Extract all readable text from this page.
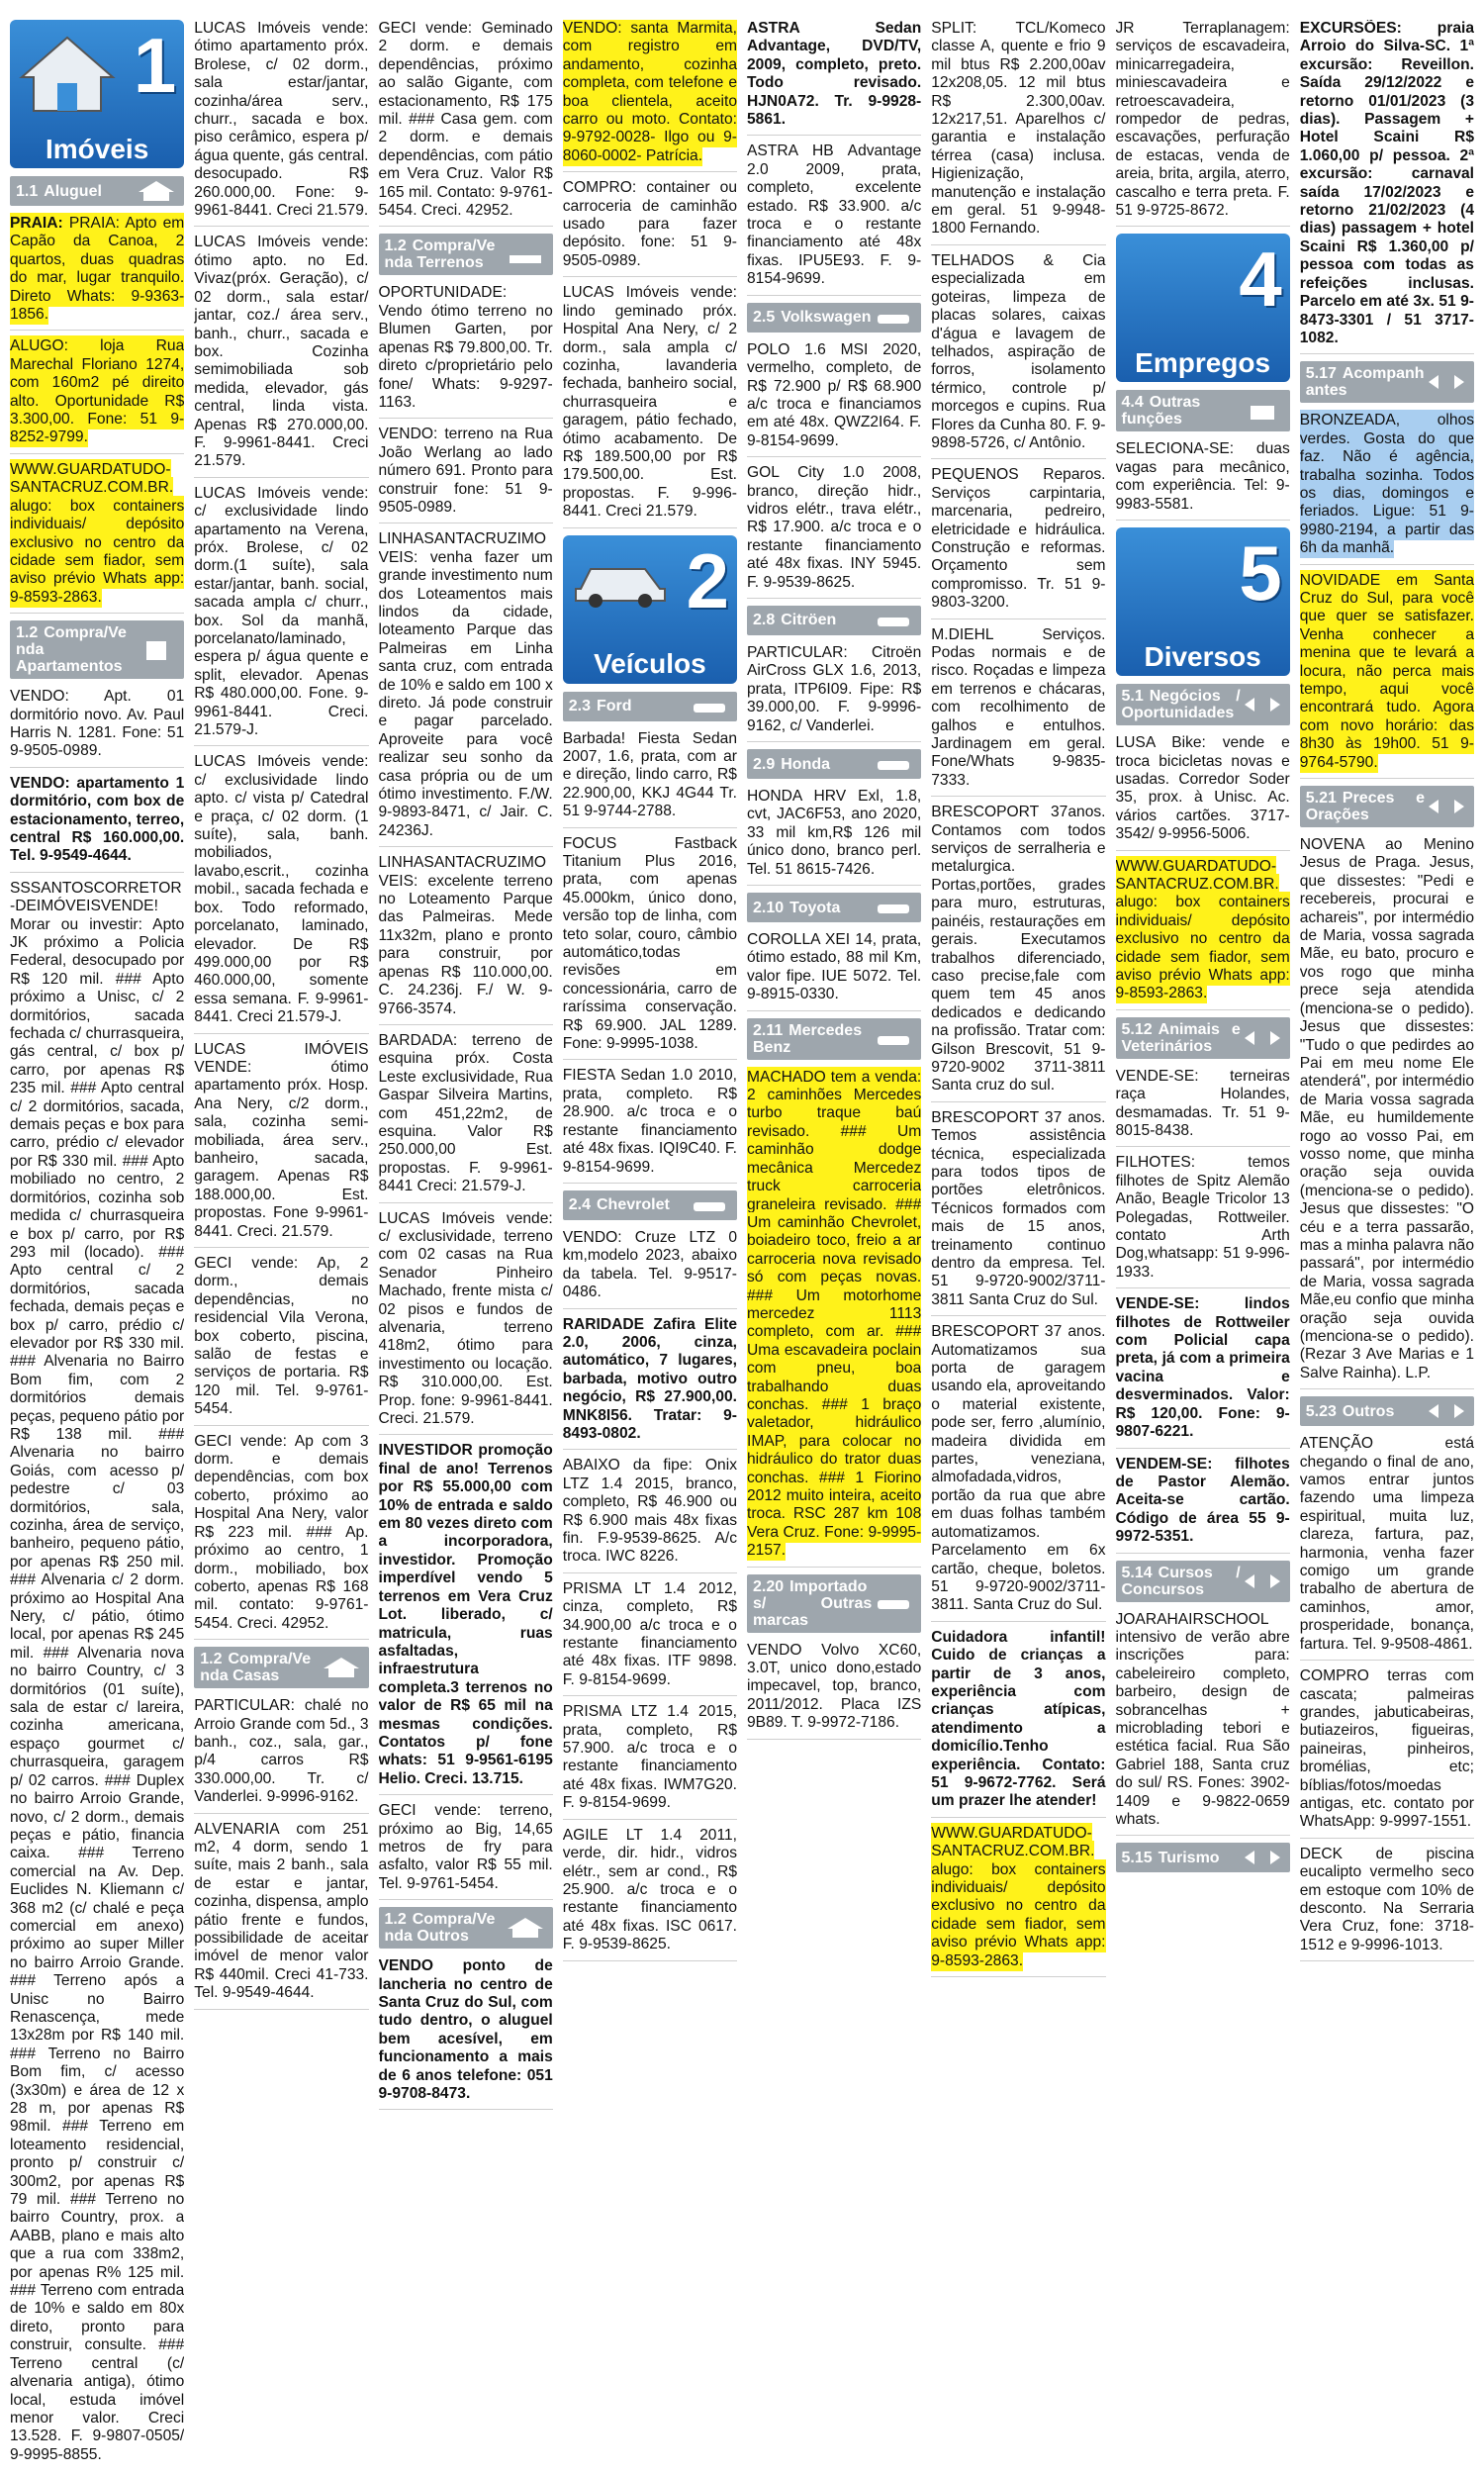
1
Imóveis
1.1 Aluguel

PRAIA: PRAIA: Apto em Capão da Canoa, 2 quartos, duas quadras do mar, lugar tranquilo. Direto Whats: 9-9363-1856.

ALUGO: loja Rua Marechal Floriano 1274, com 160m2 pé direito alto. Oportunidade R$ 3.300,00. Fone: 51 9-8252-9799.

WWW.GUARDATUDO-SANTACRUZ.COM.BR. alugo: box containers individuais/ depósito exclusivo no centro da cidade sem fiador, sem aviso prévio Whats app: 9-8593-2863.

1.2 Compra/Venda Apartamentos

VENDO: Apt. 01 dormitório novo. Av. Paul Harris N. 1281. Fone: 51 9-9505-0989.

VENDO: apartamento 1 dormitório, com box de estacionamento, terreo, central R$ 160.000,00. Tel. 9-9549-4644.

SSSANTOSCORRETOR-DEIMÓVEISVENDE! Morar ou investir: Apto JK próximo a Policia Federal, desocupado por R$ 120 mil. ### Apto próximo a Unisc, c/ 2 dormitórios, sacada fechada c/ churrasqueira, gás central, c/ box p/ carro, por apenas R$ 235 mil. ### Apto central c/ 2 dormitórios, sacada, demais peças e box para carro, prédio c/ elevador por R$ 330 mil. ### Apto mobiliado no centro, 2 dormitórios, cozinha sob medida c/ churrasqueira e box p/ carro, por R$ 293 mil (locado). ### Apto central c/ 2 dormitórios, sacada fechada, demais peças e box p/ carro, prédio c/ elevador por R$ 330 mil. ### Alvenaria no Bairro Bom fim, com 2 dormitórios demais peças, pequeno pátio por R$ 138 mil. ### Alvenaria no bairro Goiás, com acesso p/ pedestre c/ 03 dormitórios, sala, cozinha, área de serviço, banheiro, pequeno pátio, por apenas R$ 250 mil. ### Alvenaria c/ 2 dorm. próximo ao Hospital Ana Nery, c/ pátio, ótimo local, por apenas R$ 245 mil. ### Alvenaria nova no bairro Country, c/ 3 dormitórios (01 suíte), sala de estar c/ lareira, cozinha americana, espaço gourmet c/ churrasqueira, garagem p/ 02 carros. ### Duplex no bairro Arroio Grande, novo, c/ 2 dorm., demais peças e pátio, financia caixa. ### Terreno comercial na Av. Dep. Euclides N. Kliemann c/ 368 m2 (c/ chalé e peça comercial em anexo) próximo ao super Miller no bairro Arroio Grande. ### Terreno após a Unisc no Bairro Renascença, mede 13x28m por R$ 140 mil. ### Terreno no Bairro Bom fim, c/ acesso (3x30m) e área de 12 x 28 m, por apenas R$ 98mil. ### Terreno em loteamento residencial, pronto p/ construir c/ 300m2, por apenas R$ 79 mil. ### Terreno no bairro Country, prox. a AABB, plano e mais alto que a rua com 338m2, por apenas R% 125 mil. ### Terreno com entrada de 10% e saldo em 80x direto, pronto para construir, consulte. ### Terreno central (c/ alvenaria antiga), ótimo local, estuda imóvel menor valor. Creci 13.528. F. 9-9807-0505/ 9-9995-8855.

LUCAS Imóveis vende: ótimo apartamento próx. Brolese, c/ 02 dorm., sala estar/jantar, cozinha/área serv., churr., sacada e box. piso cerâmico, espera p/ água quente, gás central. desocupado. R$ 260.000,00. Fone: 9-9961-8441. Creci 21.579.

LUCAS Imóveis vende: ótimo apto. no Ed. Vivaz(próx. Geração), c/ 02 dorm., sala estar/ jantar, coz./ área serv., banh., churr., sacada e box. Cozinha semimobiliada sob medida, elevador, gás central, linda vista. Apenas R$ 270.000,00. F. 9-9961-8441. Creci 21.579.

LUCAS Imóveis vende: c/ exclusividade lindo apartamento na Verena, próx. Brolese, c/ 02 dorm.(1 suíte), sala estar/jantar, banh. social, sacada ampla c/ churr., box. Sol da manhã, porcelanato/laminado, espera p/ água quente e split, elevador. Apenas R$ 480.000,00. Fone. 9-9961-8441. Creci. 21.579-J.

LUCAS Imóveis vende: c/ exclusividade lindo apto. c/ vista p/ Catedral e praça, c/ 02 dorm. (1 suíte), sala, banh. mobiliados, lavabo,escrit., cozinha mobil., sacada fechada e box. Todo reformado, porcelanato, laminado, elevador. De R$ 499.000,00 por R$ 460.000,00, somente essa semana. F. 9-9961-8441. Creci 21.579-J.

LUCAS IMÓVEIS VENDE: ótimo apartamento próx. Hosp. Ana Nery, c/2 dorm., sala, cozinha semi-mobiliada, área serv., banheiro, sacada, garagem. Apenas R$ 188.000,00. Est. propostas. Fone 9-9961-8441. Creci. 21.579.

GECI vende: Ap, 2 dorm., demais dependências, no residencial Vila Verona, box coberto, piscina, salão de festas e serviços de portaria. R$ 120 mil. Tel. 9-9761-5454.

GECI vende: Ap com 3 dorm. e demais dependências, com box coberto, próximo ao Hospital Ana Nery, valor R$ 223 mil. ### Ap. próximo ao centro, 1 dorm., mobiliado, box coberto, apenas R$ 168 mil. contato: 9-9761-5454. Creci. 42952.

1.2 Compra/Venda Casas

PARTICULAR: chalé no Arroio Grande com 5d., 3 banh., coz., sala, gar., p/4 carros R$ 330.000,00. Tr. c/ Vanderlei. 9-9996-9162.

ALVENARIA com 251 m2, 4 dorm, sendo 1 suíte, mais 2 banh., sala de estar e jantar, cozinha, dispensa, amplo pátio frente e fundos, possibilidade de aceitar imóvel de menor valor R$ 440mil. Creci 41-733. Tel. 9-9549-4644.

GECI vende: Geminado 2 dorm. e demais dependências, próximo ao salão Gigante, com estacionamento, R$ 175 mil. ### Casa gem. com 2 dorm. e demais dependências, com pátio em Vera Cruz. Valor R$ 165 mil. Contato: 9-9761-5454. Creci. 42952.

1.2 Compra/Venda Terrenos

OPORTUNIDADE: Vendo ótimo terreno no Blumen Garten, por apenas R$ 79.800,00. Tr. direto c/proprietário pelo fone/ Whats: 9-9297-1163.

VENDO: terreno na Rua João Werlang ao lado número 691. Pronto para construir fone: 51 9-9505-0989.

LINHASANTACRUZIMOVEIS: venha fazer um grande investimento num dos Loteamentos mais lindos da cidade, loteamento Parque das Palmeiras em Linha santa cruz, com entrada de 10% e saldo em 100 x direto. Já pode construir e pagar parcelado. Aproveite para você realizar seu sonho da casa própria ou de um ótimo investimento. F./W. 9-9893-8471, c/ Jair. C. 24236J.

LINHASANTACRUZIMOVEIS: excelente terreno no Loteamento Parque das Palmeiras. Mede 11x32m, plano e pronto para construir, por apenas R$ 110.000,00. C. 24.236j. F./ W. 9-9766-3574.

BARDADA: terreno de esquina próx. Costa Leste exclusividade, Rua Gaspar Silveira Martins, com 451,22m2, de esquina. Valor R$ 250.000,00 Est. propostas. F. 9-9961-8441 Creci: 21.579-J.

LUCAS Imóveis vende: c/ exclusividade, terreno com 02 casas na Rua Senador Pinheiro Machado, frente mista c/ 02 pisos e fundos de alvenaria, terreno 418m2, ótimo para investimento ou locação. R$ 310.000,00. Est. Prop. fone: 9-9961-8441. Creci. 21.579.

INVESTIDOR promoção final de ano! Terrenos por R$ 55.000,00 com 10% de entrada e saldo em 80 vezes direto com a incorporadora, investidor. Promoção imperdível vendo 5 terrenos em Vera Cruz Lot. liberado, c/ matricula, ruas asfaltadas, infraestrutura completa.3 terrenos no valor de R$ 65 mil na mesmas condições. Contatos p/ fone whats: 51 9-9561-6195 Helio. Creci. 13.715.

GECI vende: terreno, próximo ao Big, 14,65 metros de fry para asfalto, valor R$ 55 mil. Tel. 9-9761-5454.

1.2 Compra/Venda Outros

VENDO ponto de lancheria no centro de Santa Cruz do Sul, com tudo dentro, o aluguel bem acesível, em funcionamento a mais de 6 anos telefone: 051 9-9708-8473.

VENDO: santa Marmita, com registro em andamento, cozinha completa, com telefone e boa clientela, aceito carro ou moto. Contato: 9-9792-0028- Ilgo ou 9-8060-0002- Patrícia.

COMPRO: container ou carroceria de caminhão usado para fazer depósito. fone: 51 9-9505-0989.

LUCAS Imóveis vende: lindo geminado próx. Hospital Ana Nery, c/ 2 dorm., sala ampla c/ cozinha, lavanderia fechada, banheiro social, churrasqueira e garagem, pátio fechado, ótimo acabamento. De R$ 189.500,00 por R$ 179.500,00. Est. propostas. F. 9-996-8441. Creci 21.579.

2
Veículos
2.3 Ford

Barbada! Fiesta Sedan 2007, 1.6, prata, com ar e direção, lindo carro, R$ 22.900,00, KKJ 4G44 Tr. 51 9-9744-2788.

FOCUS Fastback Titanium Plus 2016, prata, com apenas 45.000km, único dono, versão top de linha, com teto solar, couro, câmbio automático,todas revisões em concessionária, carro de raríssima conservação. R$ 69.900. JAL 1289. Fone: 9-9995-1038.

FIESTA Sedan 1.0 2010, prata, completo. R$ 28.900. a/c troca e o restante financiamento até 48x fixas. IQI9C40. F. 9-8154-9699.

2.4 Chevrolet

VENDO: Cruze LTZ 0 km,modelo 2023, abaixo da tabela. Tel. 9-9517-0486.

RARIDADE Zafira Elite 2.0, 2006, cinza, automático, 7 lugares, barbada, motivo outro negócio, R$ 27.900,00. MNK8I56. Tratar: 9-8493-0802.

ABAIXO da fipe: Onix LTZ 1.4 2015, branco, completo, R$ 46.900 ou R$ 6.900 mais 48x fixas fin. F.9-9539-8625. A/c troca. IWC 8226.

PRISMA LT 1.4 2012, cinza, completo, R$ 34.900,00 a/c troca e o restante financiamento até 48x fixas. ITF 9898. F. 9-8154-9699.

PRISMA LTZ 1.4 2015, prata, completo, R$ 57.900. a/c troca e o restante financiamento até 48x fixas. IWM7G20. F. 9-8154-9699.

AGILE LT 1.4 2011, verde, dir. hidr., vidros elétr., sem ar cond., R$ 25.900. a/c troca e o restante financiamento até 48x fixas. ISC 0617. F. 9-9539-8625.

ASTRA Sedan Advantage, DVD/TV, 2009, completo, preto. Todo revisado. HJN0A72. Tr. 9-9928-5861.

ASTRA HB Advantage 2.0 2009, prata, completo, excelente estado. R$ 33.900. a/c troca e o restante financiamento até 48x fixas. IPU5E93. F. 9-8154-9699.

2.5 Volkswagen

POLO 1.6 MSI 2020, vermelho, completo, de R$ 72.900 p/ R$ 68.900 a/c troca e financiamos em até 48x. QWZ2I64. F. 9-8154-9699.

GOL City 1.0 2008, branco, direção hidr., vidros elétr., trava elétr., R$ 17.900. a/c troca e o restante financiamento até 48x fixas. INY 5945. F. 9-9539-8625.

2.8 Citröen

PARTICULAR: Citroën AirCross GLX 1.6, 2013, prata, ITP6I09. Fipe: R$ 39.000,00. F. 9-9996-9162, c/ Vanderlei.

2.9 Honda

HONDA HRV Exl, 1.8, cvt, JAC6F53, ano 2020, 33 mil km,R$ 126 mil único dono, branco perl. Tel. 51 8615-7426.

2.10 Toyota

COROLLA XEI 14, prata, ótimo estado, 88 mil Km, valor fipe. IUE 5072. Tel. 9-8915-0330.

2.11 Mercedes Benz

MACHADO tem a venda: 2 caminhões Mercedes turbo traque baú revisado. ### Um caminhão dodge mecânica Mercedez truck carroceria graneleira revisado. ### Um caminhão Chevrolet, boiadeiro toco, freio a ar carroceria nova revisado só com peças novas. ### Um motorhome mercedez 1113 completo, com ar. ### Uma escavadeira poclain com pneu, boa trabalhando duas conchas. ### 1 braço valetador, hidráulico IMAP, para colocar no hidráulico do trator duas conchas. ### 1 Fiorino 2012 muito inteira, aceito troca. RSC 287 km 108 Vera Cruz. Fone: 9-9995-2157.

2.20 Importados/ Outras marcas

VENDO Volvo XC60, 3.0T, unico dono,estado impecavel, top, branco, 2011/2012. Placa IZS 9B89. T. 9-9972-7186.

SPLIT: TCL/Komeco classe A, quente e frio 9 mil btus R$ 2.200,00av 12x208,05. 12 mil btus R$ 2.300,00av. 12x217,51. Aparelhos c/ garantia e instalação térrea (casa) inclusa. Higienização, manutenção e instalação em geral. 51 9-9948-1800 Fernando.

TELHADOS & Cia especializada em goteiras, limpeza de placas solares, caixas d'água e lavagem de telhados, aspiração de forros, isolamento térmico, controle p/ morcegos e cupins. Rua Flores da Cunha 80. F. 9-9898-5726, c/ Antônio.

PEQUENOS Reparos. Serviços carpintaria, marcenaria, pedreiro, eletricidade e hidráulica. Construção e reformas. Orçamento sem compromisso. Tr. 51 9-9803-3200.

M.DIEHL Serviços. Podas normais e de risco. Roçadas e limpeza em terrenos e chácaras, com recolhimento de galhos e entulhos. Jardinagem em geral. Fone/Whats 9-9835-7333.

BRESCOPORT 37anos. Contamos com todos serviços de serralheria e metalurgica. Portas,portões, grades para muro, estruturas, painéis, restaurações em gerais. Executamos trabalhos diferenciado, caso precise,fale com quem tem 45 anos dedicados e dedicando na profissão. Tratar com: Gilson Brescovit, 51 9-9720-9002 3711-3811 Santa cruz do sul.

BRESCOPORT 37 anos. Temos assistência técnica, especializada para todos tipos de portões eletrônicos. Técnicos formados com mais de 15 anos, treinamento continuo dentro da empresa. Tel. 51 9-9720-9002/3711-3811 Santa Cruz do Sul.

BRESCOPORT 37 anos. Automatizamos sua porta de garagem usando ela, aproveitando o material existente, pode ser, ferro ,alumínio, madeira dividida em partes, veneziana, almofadada,vidros, portão da rua que abre em duas folhas também automatizamos. Parcelamento em 6x cartão, cheque, boletos. 51 9-9720-9002/3711-3811. Santa Cruz do Sul.

Cuidadora infantil! Cuido de crianças a partir de 3 anos, experiência com crianças atípicas, atendimento a domicílio.Tenho experiência. Contato: 51 9-9672-7762. Será um prazer lhe atender!

WWW.GUARDATUDO-SANTACRUZ.COM.BR. alugo: box containers individuais/ depósito exclusivo no centro da cidade sem fiador, sem aviso prévio Whats app: 9-8593-2863.

JR Terraplanagem: serviços de escavadeira, minicarregadeira, miniescavadeira e retroescavadeira, rompedor de pedras, escavações, perfuração de estacas, venda de areia, brita, argila, aterro, cascalho e terra preta. F. 51 9-9725-8672.

4
Empregos
4.4 Outras funções

SELECIONA-SE: duas vagas para mecânico, com experiência. Tel: 9-9983-5581.

5
Diversos
5.1 Negócios / Oportunidades

LUSA Bike: vende e troca bicicletas novas e usadas. Corredor Soder 35, prox. à Unisc. Ac. vários cartões. 3717-3542/ 9-9956-5006.

WWW.GUARDATUDO-SANTACRUZ.COM.BR. alugo: box containers individuais/ depósito exclusivo no centro da cidade sem fiador, sem aviso prévio Whats app: 9-8593-2863.

5.12 Animais e Veterinários

VENDE-SE: terneiras raça Holandes, desmamadas. Tr. 51 9-8015-8438.

FILHOTES: temos filhotes de Spitz Alemão Anão, Beagle Tricolor 13 Polegadas, Rottweiler. contato Arth Dog,whatsapp: 51 9-996-1933.

VENDE-SE: lindos filhotes de Rottweiler com Policial capa preta, já com a primeira vacina e desverminados. Valor: R$ 120,00. Fone: 9-9807-6221.

VENDEM-SE: filhotes de Pastor Alemão. Aceita-se cartão. Código de área 55 9-9972-5351.

5.14 Cursos / Concursos

JOARAHAIRSCHOOL intensivo de verão abre inscrições para: cabeleireiro completo, barbeiro, design de sobrancelhas + microblading tebori e estética facial. Rua São Gabriel 188, Santa cruz do sul/ RS. Fones: 3902-1409 e 9-9822-0659 whats.

5.15 Turismo

EXCURSÕES: praia Arroio do Silva-SC. 1ª excursão: Reveillon. Saída 29/12/2022 e retorno 01/01/2023 (3 dias). Passagem + Hotel Scaini R$ 1.060,00 p/ pessoa. 2ª excursão: carnaval saída 17/02/2023 e retorno 21/02/2023 (4 dias) passagem + hotel Scaini R$ 1.360,00 p/ pessoa com todas as refeições inclusas. Parcelo em até 3x. 51 9-8473-3301 / 51 3717-1082.

5.17 Acompanhantes

BRONZEADA, olhos verdes. Gosta do que faz. Não é agência, trabalha sozinha. Todos os dias, domingos e feriados. Ligue: 51 9-9980-2194, a partir das 6h da manhã.

NOVIDADE em Santa Cruz do Sul, para você que quer se satisfazer. Venha conhecer a menina que te levará a locura, não perca mais tempo, aqui você encontrará tudo. Agora com novo horário: das 8h30 às 19h00. 51 9-9764-5790.

5.21 Preces e Orações

NOVENA ao Menino Jesus de Praga. Jesus, que dissestes: "Pedi e recebereis, procurai e achareis", por intermédio de Maria, vossa sagrada Mãe, eu bato, procuro e vos rogo que minha prece seja atendida (menciona-se o pedido). Jesus que dissestes: "Tudo o que pedirdes ao Pai em meu nome Ele atenderá", por intermédio de Maria vossa sagrada Mãe, eu humildemente rogo ao vosso Pai, em vosso nome, que minha oração seja ouvida (menciona-se o pedido). Jesus que dissestes: "O céu e a terra passarão, mas a minha palavra não passará", por intermédio de Maria, vossa sagrada Mãe,eu confio que minha oração seja ouvida (menciona-se o pedido).(Rezar 3 Ave Marias e 1 Salve Rainha). L.P.

5.23 Outros

ATENÇÃO está chegando o final de ano, vamos entrar juntos fazendo uma limpeza espiritual, muita luz, clareza, fartura, paz, harmonia, venha fazer comigo um grande trabalho de abertura de caminhos, amor, prosperidade, bonança, fartura. Tel. 9-9508-4861.

COMPRO terras com cascata; palmeiras grandes, jabuticabeiras, butiazeiros, figueiras, paineiras, pinheiros, bromélias, etc; bíblias/fotos/moedas antigas, etc. contato por WhatsApp: 9-9997-1551.

DECK de piscina eucalipto vermelho seco em estoque com 10% de desconto. Na Serraria Vera Cruz, fone: 3718-1512 e 9-9996-1013.
